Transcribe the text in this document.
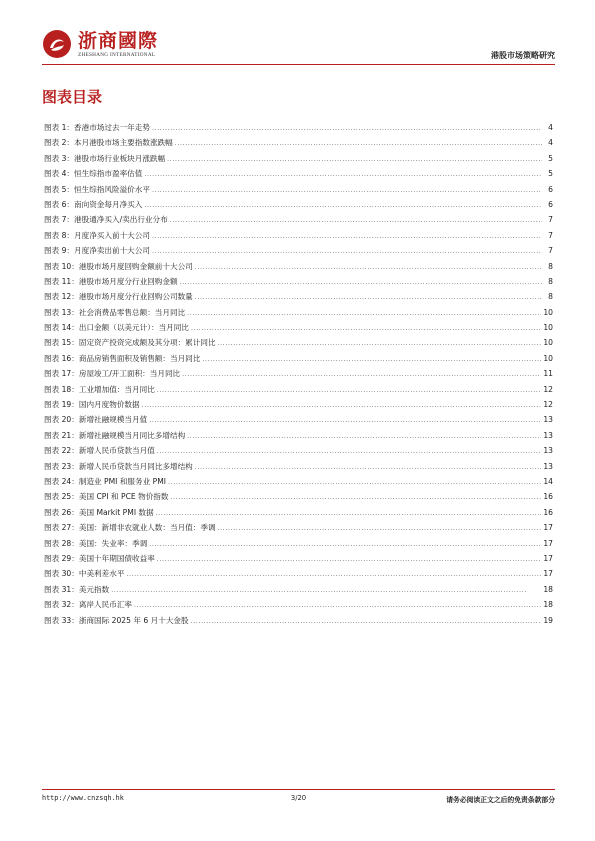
浙商國際
ZHESHANG INTERNATIONAL	港股市场策略研究
图表目录
图表 1：香港市场过去一年走势 . . .	4
图表 2：本月港股市场主要指数涨跌幅 . . .	4
图表 3：港股市场行业板块月涨跌幅 . . .	5
图表 4：恒生综指市盈率估值 . . .	5
图表 5：恒生综指风险溢价水平 . . .	6
图表 6：南向资金每月净买入 . . .	6
图表 7：港股通净买入/卖出行业分布 . . .	7
图表 8：月度净买入前十大公司 . . .	7
图表 9：月度净卖出前十大公司 . . .	7
图表 10：港股市场月度回购金额前十大公司 . . .	8
图表 11：港股市场月度分行业回购金额 . . .	8
图表 12：港股市场月度分行业回购公司数量 . . .	8
图表 13：社会消费品零售总额：当月同比 . . .	10
图表 14：出口金额（以美元计）：当月同比 . . .	10
图表 15：固定资产投资完成额及其分项：累计同比 . . .	10
图表 16：商品房销售面积及销售额：当月同比 . . .	10
图表 17：房屋竣工/开工面积：当月同比 . . .	11
图表 18：工业增加值：当月同比 . . .	12
图表 19：国内月度物价数据 . . .	12
图表 20：新增社融规模当月值 . . .	13
图表 21：新增社融规模当月同比多增结构 . . .	13
图表 22：新增人民币贷款当月值 . . .	13
图表 23：新增人民币贷款当月同比多增结构 . . .	13
图表 24：制造业 PMI 和服务业 PMI . . .	14
图表 25：美国 CPI 和 PCE 物价指数 . . .	16
图表 26：美国 Markit PMI 数据 . . .	16
图表 27：美国：新增非农就业人数：当月值：季调 . . .	17
图表 28：美国：失业率：季调 . . .	17
图表 29：美国十年期国债收益率 . . .	17
图表 30：中美利差水平 . . .	17
图表 31：美元指数 . . .	18
图表 32：离岸人民币汇率 . . .	18
图表 33：浙商国际 2025 年 6 月十大金股 . . .	19
http://www.cnzsqh.hk	3/20	请务必阅读正文之后的免责条款部分
